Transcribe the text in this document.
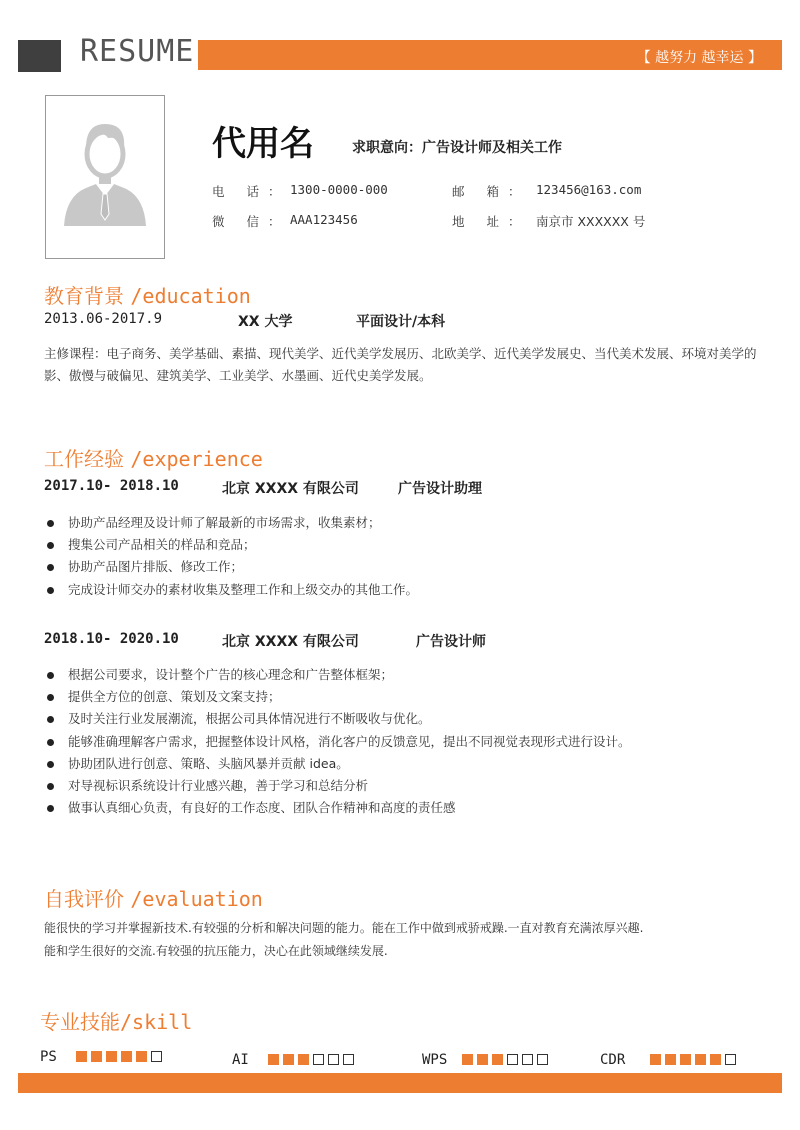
RESUME	【 越努力 越幸运 】
代用名	求职意向：广告设计师及相关工作
电 话： 1300-0000-000
微 信： AAA123456
邮 箱： 123456@163.com
地 址： 南京市 XXXXXX 号
教育背景 /education
2013.06-2017.9	XX 大学	平面设计/本科
主修课程：电子商务、美学基础、素描、现代美学、近代美学发展历、北欧美学、近代美学发展史、当代美术发展、环境对美学的影、傲慢与破偏见、建筑美学、工业美学、水墨画、近代史美学发展。
工作经验 /experience
2017.10- 2018.10	北京 XXXX 有限公司	广告设计助理
协助产品经理及设计师了解最新的市场需求，收集素材；
搜集公司产品相关的样品和竞品；
协助产品图片排版、修改工作；
完成设计师交办的素材收集及整理工作和上级交办的其他工作。
2018.10- 2020.10	北京 XXXX 有限公司	广告设计师
根据公司要求，设计整个广告的核心理念和广告整体框架；
提供全方位的创意、策划及文案支持；
及时关注行业发展潮流，根据公司具体情况进行不断吸收与优化。
能够准确理解客户需求，把握整体设计风格，消化客户的反馈意见，提出不同视觉表现形式进行设计。
协助团队进行创意、策略、头脑风暴并贡献 idea。
对导视标识系统设计行业感兴趣，善于学习和总结分析
做事认真细心负责，有良好的工作态度、团队合作精神和高度的责任感
自我评价 /evaluation
能很快的学习并掌握新技术.有较强的分析和解决问题的能力。能在工作中做到戒骄戒躁.一直对教育充满浓厚兴趣.
能和学生很好的交流.有较强的抗压能力，决心在此领域继续发展.
专业技能/skill
PS	AI	WPS	CDR
